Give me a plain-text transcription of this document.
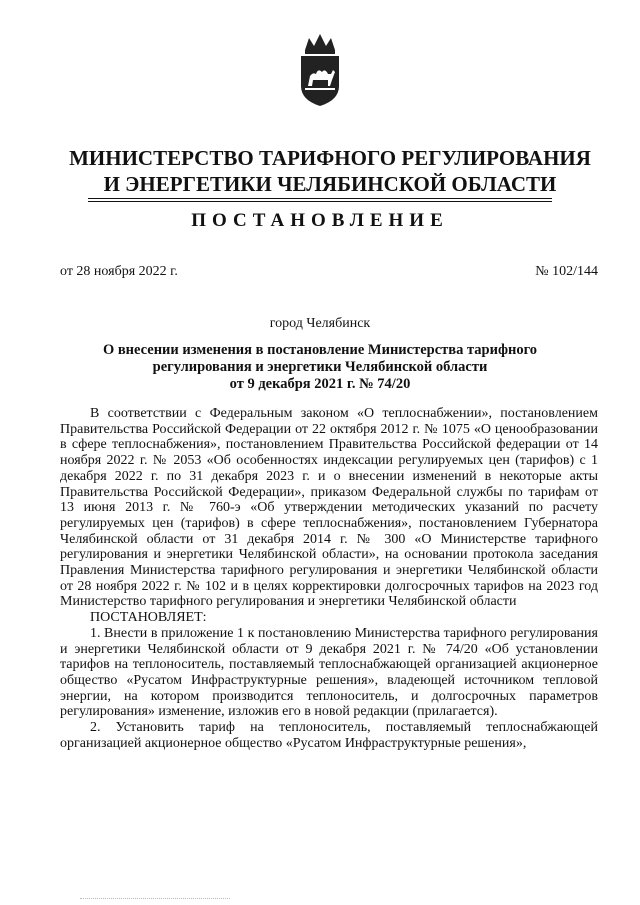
МИНИСТЕРСТВО ТАРИФНОГО РЕГУЛИРОВАНИЯ
И ЭНЕРГЕТИКИ ЧЕЛЯБИНСКОЙ ОБЛАСТИ
ПОСТАНОВЛЕНИЕ
от 28 ноября 2022 г.	№ 102/144
город Челябинск
О внесении изменения в постановление Министерства тарифного
регулирования и энергетики Челябинской области
от 9 декабря 2021 г. № 74/20

В соответствии с Федеральным законом «О теплоснабжении», постановлением Правительства Российской Федерации от 22 октября 2012 г. № 1075 «О ценообразовании в сфере теплоснабжения», постановлением Правительства Российской федерации от 14 ноября 2022 г. № 2053 «Об особенностях индексации регулируемых цен (тарифов) с 1 декабря 2022 г. по 31 декабря 2023 г. и о внесении изменений в некоторые акты Правительства Российской Федерации», приказом Федеральной службы по тарифам от 13 июня 2013 г. № 760-э «Об утверждении методических указаний по расчету регулируемых цен (тарифов) в сфере теплоснабжения», постановлением Губернатора Челябинской области от 31 декабря 2014 г. № 300 «О Министерстве тарифного регулирования и энергетики Челябинской области», на основании протокола заседания Правления Министерства тарифного регулирования и энергетики Челябинской области от 28 ноября 2022 г. № 102 и в целях корректировки долгосрочных тарифов на 2023 год Министерство тарифного регулирования и энергетики Челябинской области

ПОСТАНОВЛЯЕТ:

1. Внести в приложение 1 к постановлению Министерства тарифного регулирования и энергетики Челябинской области от 9 декабря 2021 г. № 74/20 «Об установлении тарифов на теплоноситель, поставляемый теплоснабжающей организацией акционерное общество «Русатом Инфраструктурные решения», владеющей источником тепловой энергии, на котором производится теплоноситель, и долгосрочных параметров регулирования» изменение, изложив его в новой редакции (прилагается).

2. Установить тариф на теплоноситель, поставляемый теплоснабжающей организацией акционерное общество «Русатом Инфраструктурные решения»,
